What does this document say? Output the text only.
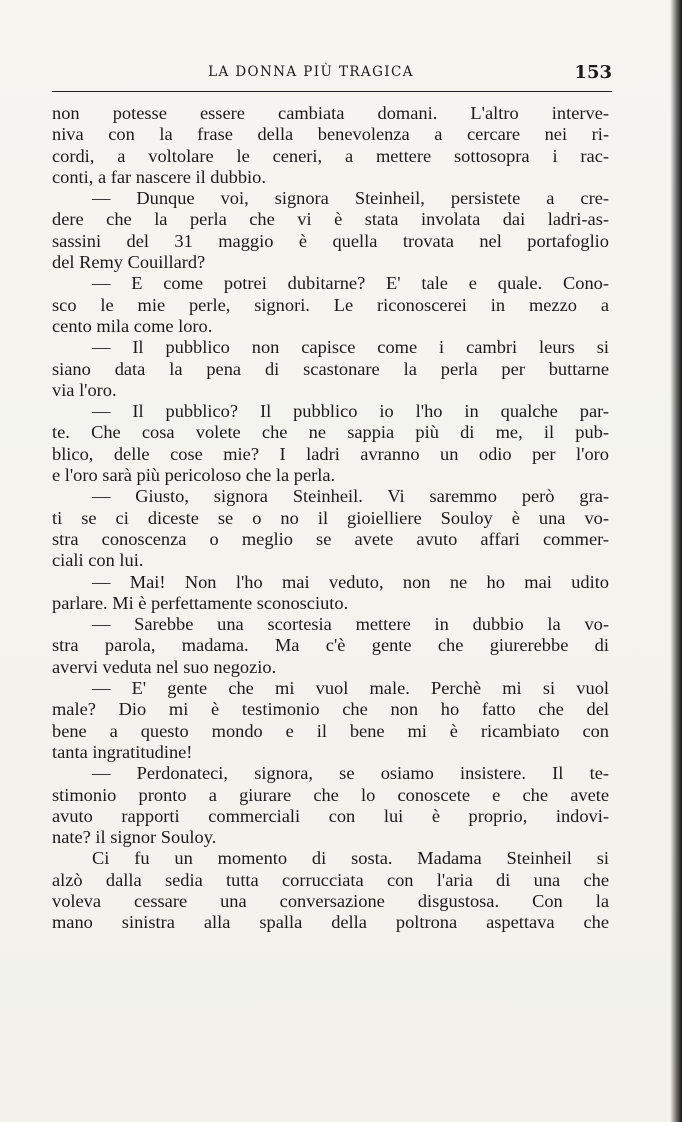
LA DONNA PIÙ TRAGICA	153
non potesse essere cambiata domani. L'altro interve-
niva con la frase della benevolenza a cercare nei ri-
cordi, a voltolare le ceneri, a mettere sottosopra i rac-
conti, a far nascere il dubbio.
— Dunque voi, signora Steinheil, persistete a cre-
dere che la perla che vi è stata involata dai ladri-as-
sassini del 31 maggio è quella trovata nel portafoglio
del Remy Couillard?
— E come potrei dubitarne? E' tale e quale. Cono-
sco le mie perle, signori. Le riconoscerei in mezzo a
cento mila come loro.
— Il pubblico non capisce come i cambri leurs si
siano data la pena di scastonare la perla per buttarne
via l'oro.
— Il pubblico? Il pubblico io l'ho in qualche par-
te. Che cosa volete che ne sappia più di me, il pub-
blico, delle cose mie? I ladri avranno un odio per l'oro
e l'oro sarà più pericoloso che la perla.
— Giusto, signora Steinheil. Vi saremmo però gra-
ti se ci diceste se o no il gioielliere Souloy è una vo-
stra conoscenza o meglio se avete avuto affari commer-
ciali con lui.
— Mai! Non l'ho mai veduto, non ne ho mai udito
parlare. Mi è perfettamente sconosciuto.
— Sarebbe una scortesia mettere in dubbio la vo-
stra parola, madama. Ma c'è gente che giurerebbe di
avervi veduta nel suo negozio.
— E' gente che mi vuol male. Perchè mi si vuol
male? Dio mi è testimonio che non ho fatto che del
bene a questo mondo e il bene mi è ricambiato con
tanta ingratitudine!
— Perdonateci, signora, se osiamo insistere. Il te-
stimonio pronto a giurare che lo conoscete e che avete
avuto rapporti commerciali con lui è proprio, indovi-
nate? il signor Souloy.
Ci fu un momento di sosta. Madama Steinheil si
alzò dalla sedia tutta corrucciata con l'aria di una che
voleva cessare una conversazione disgustosa. Con la
mano sinistra alla spalla della poltrona aspettava che
